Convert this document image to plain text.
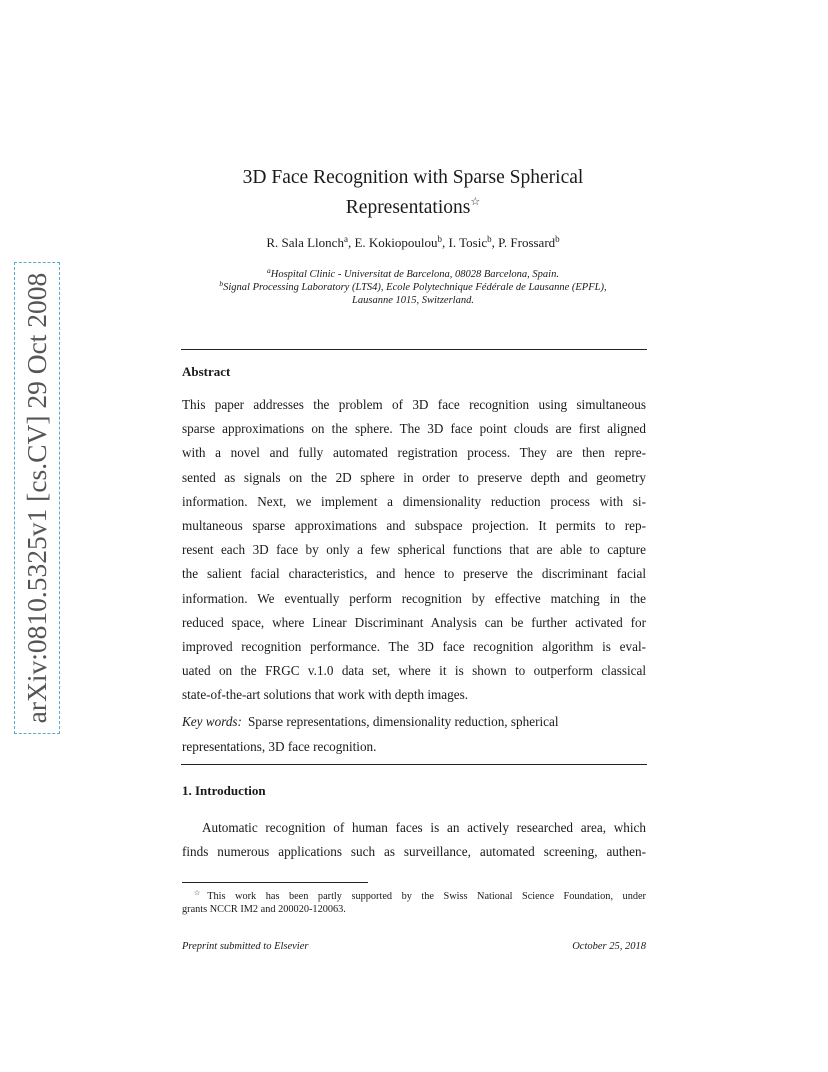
arXiv:0810.5325v1 [cs.CV] 29 Oct 2008
3D Face Recognition with Sparse Spherical
Representations☆
R. Sala Llonch$^a$, E. Kokiopoulou$^b$, I. Tosic$^b$, P. Frossard$^b$
$^a$Hospital Clinic - Universitat de Barcelona, 08028 Barcelona, Spain.
$^b$Signal Processing Laboratory (LTS4), Ecole Polytechnique Fédérale de Lausanne (EPFL),
Lausanne 1015, Switzerland.
Abstract
This paper addresses the problem of 3D face recognition using simultaneous
sparse approximations on the sphere. The 3D face point clouds are first aligned
with a novel and fully automated registration process. They are then repre-
sented as signals on the 2D sphere in order to preserve depth and geometry
information. Next, we implement a dimensionality reduction process with si-
multaneous sparse approximations and subspace projection. It permits to rep-
resent each 3D face by only a few spherical functions that are able to capture
the salient facial characteristics, and hence to preserve the discriminant facial
information. We eventually perform recognition by effective matching in the
reduced space, where Linear Discriminant Analysis can be further activated for
improved recognition performance. The 3D face recognition algorithm is eval-
uated on the FRGC v.1.0 data set, where it is shown to outperform classical
state-of-the-art solutions that work with depth images.
Key words: Sparse representations, dimensionality reduction, spherical
representations, 3D face recognition.
1. Introduction
Automatic recognition of human faces is an actively researched area, which
finds numerous applications such as surveillance, automated screening, authen-
☆This work has been partly supported by the Swiss National Science Foundation, under
grants NCCR IM2 and 200020-120063.
Preprint submitted to Elsevier	October 25, 2018
